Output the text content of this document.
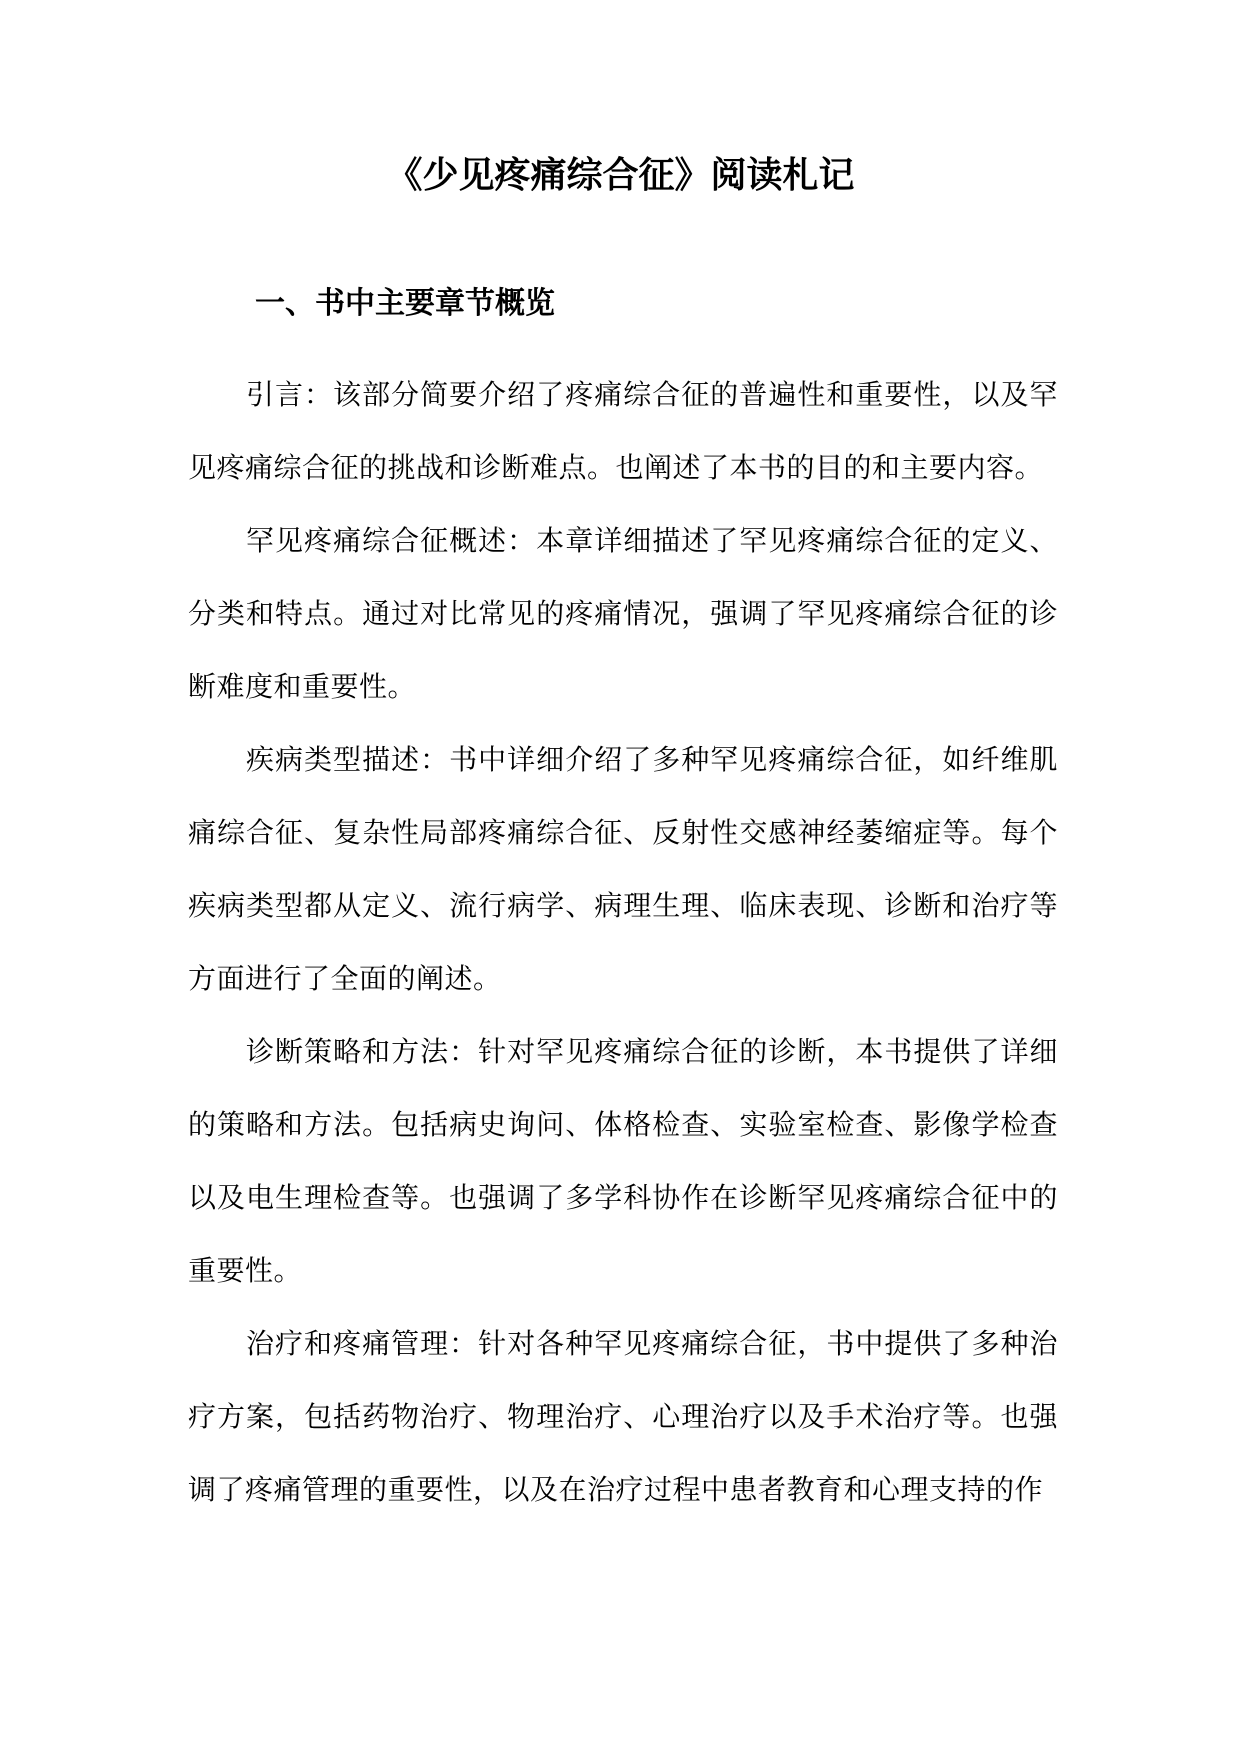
《少见疼痛综合征》阅读札记
一、书中主要章节概览

引言：该部分简要介绍了疼痛综合征的普遍性和重要性，以及罕见疼痛综合征的挑战和诊断难点。也阐述了本书的目的和主要内容。

罕见疼痛综合征概述：本章详细描述了罕见疼痛综合征的定义、分类和特点。通过对比常见的疼痛情况，强调了罕见疼痛综合征的诊断难度和重要性。

疾病类型描述：书中详细介绍了多种罕见疼痛综合征，如纤维肌痛综合征、复杂性局部疼痛综合征、反射性交感神经萎缩症等。每个疾病类型都从定义、流行病学、病理生理、临床表现、诊断和治疗等方面进行了全面的阐述。

诊断策略和方法：针对罕见疼痛综合征的诊断，本书提供了详细的策略和方法。包括病史询问、体格检查、实验室检查、影像学检查以及电生理检查等。也强调了多学科协作在诊断罕见疼痛综合征中的重要性。

治疗和疼痛管理：针对各种罕见疼痛综合征，书中提供了多种治疗方案，包括药物治疗、物理治疗、心理治疗以及手术治疗等。也强调了疼痛管理的重要性，以及在治疗过程中患者教育和心理支持的作
